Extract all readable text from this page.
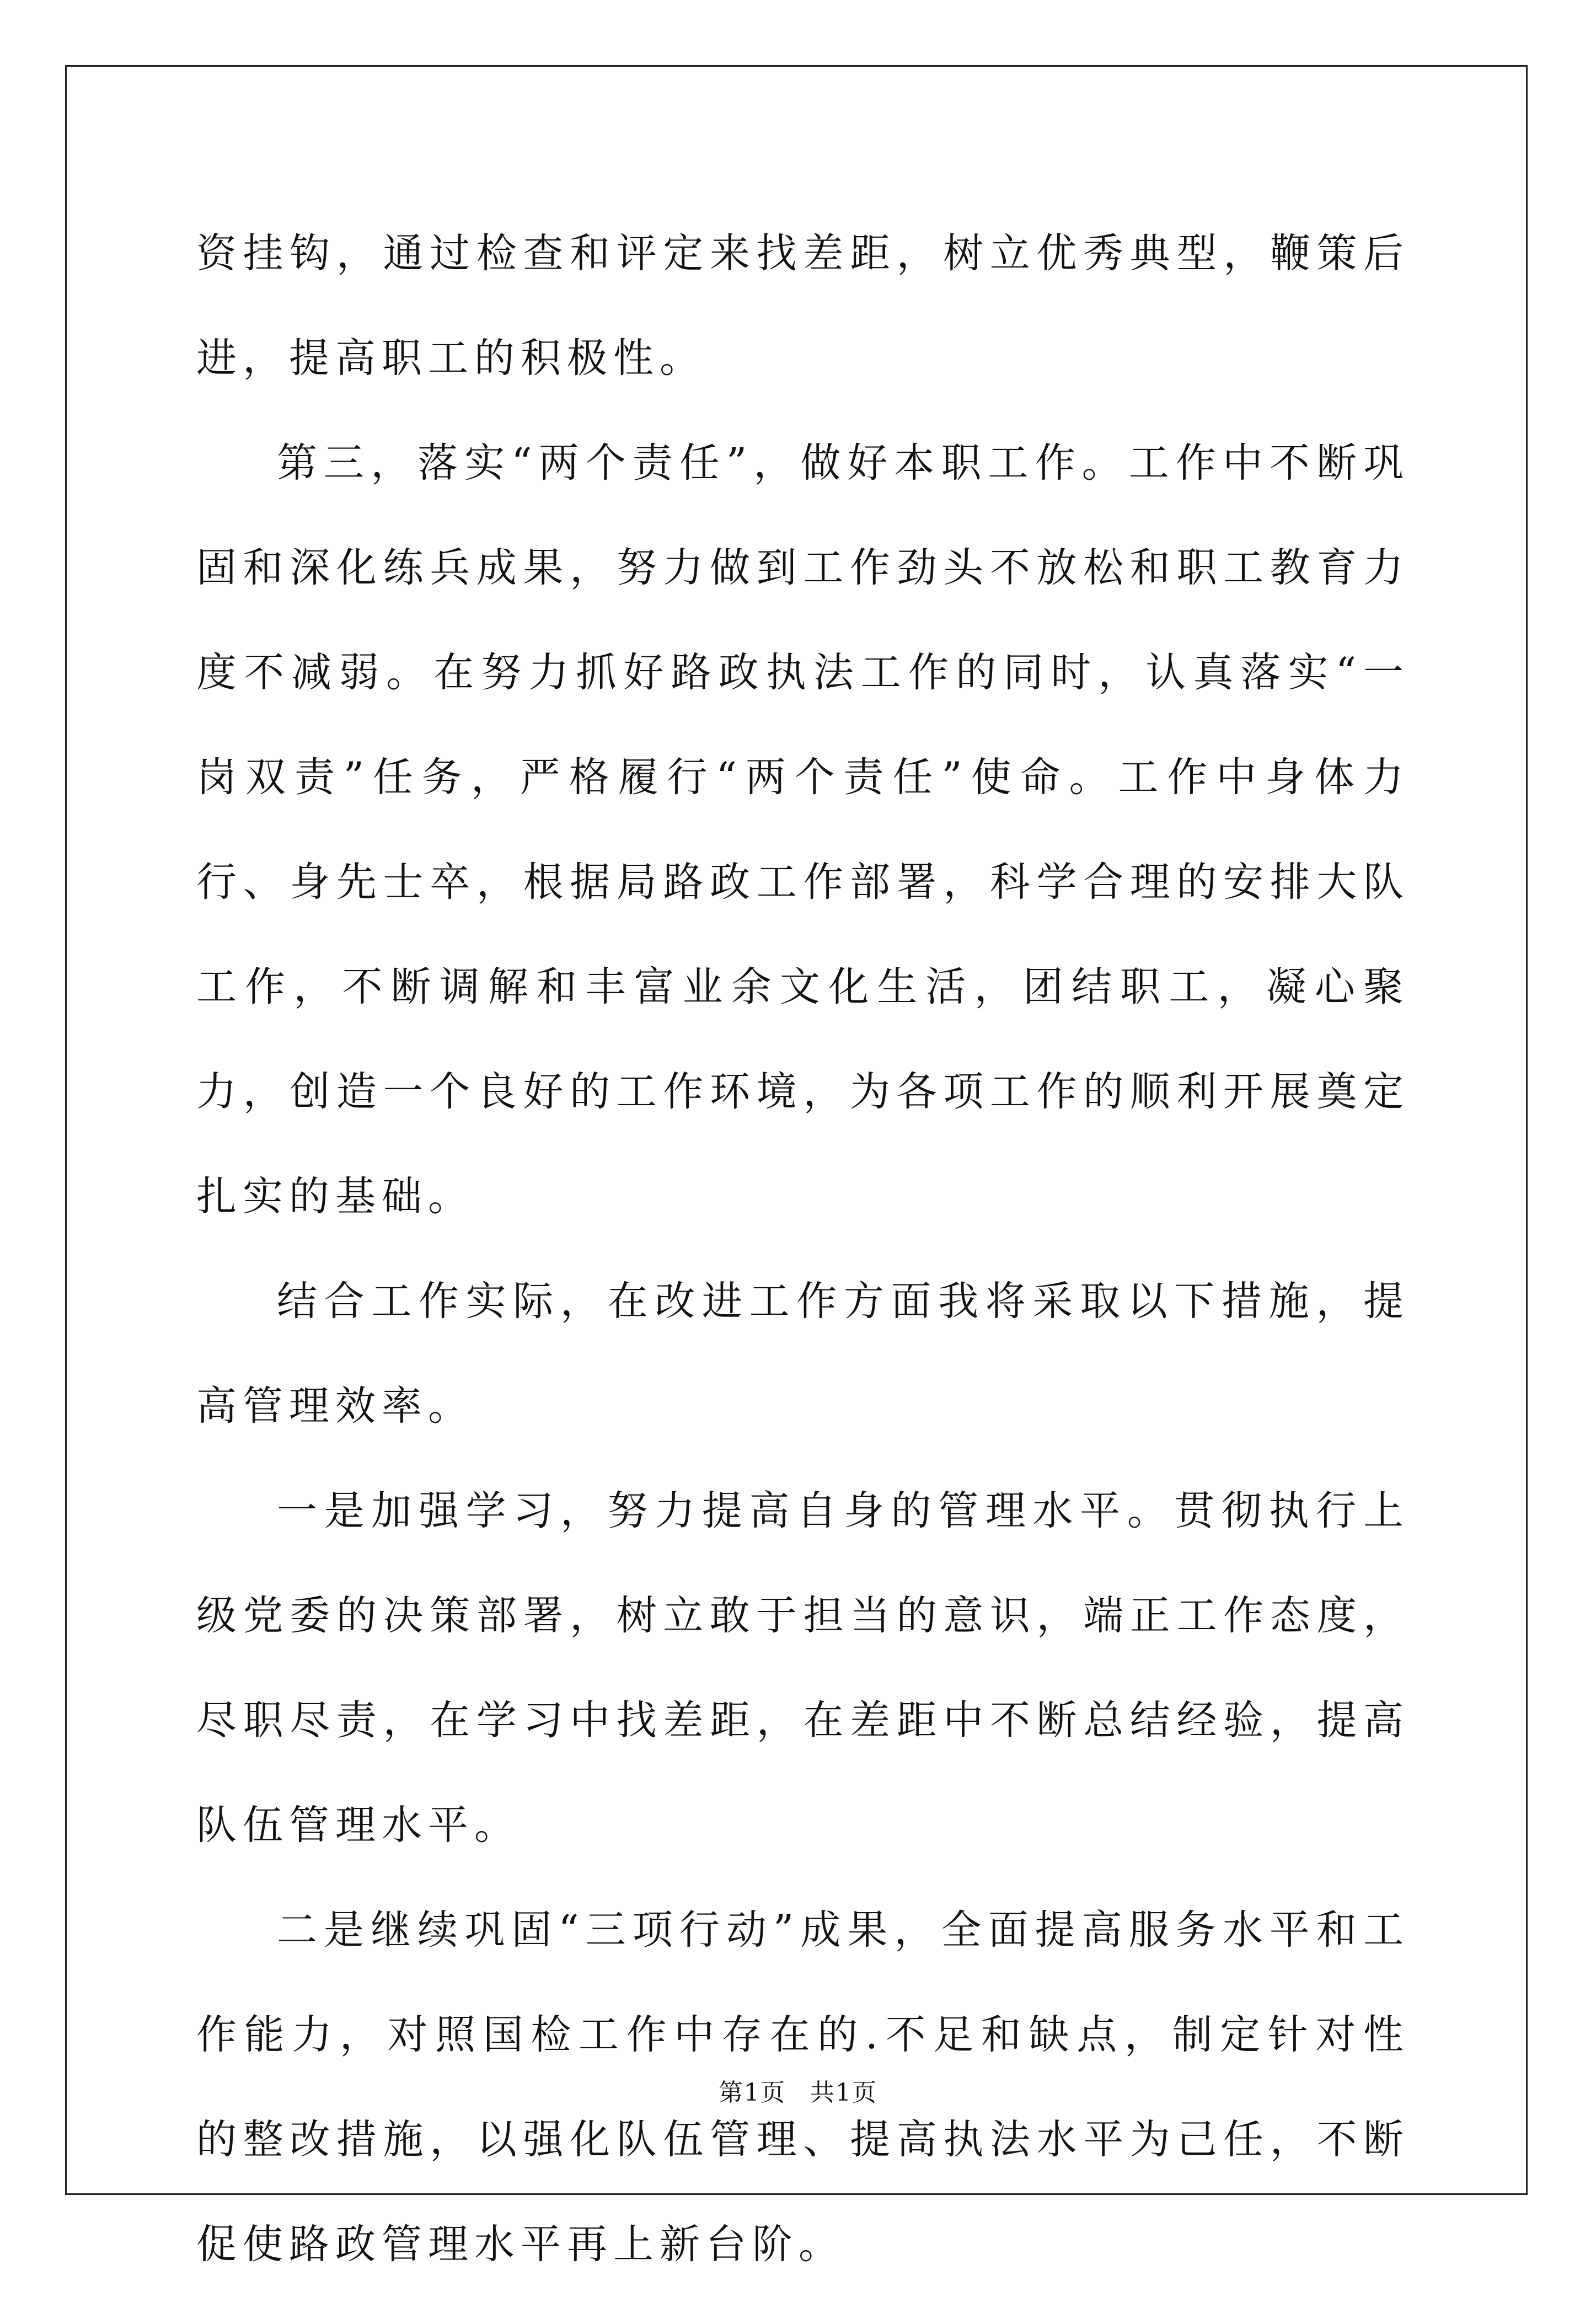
资挂钩，通过检查和评定来找差距，树立优秀典型，鞭策后进，提高职工的积极性。

第三，落实“两个责任”，做好本职工作。工作中不断巩固和深化练兵成果，努力做到工作劲头不放松和职工教育力度不减弱。在努力抓好路政执法工作的同时，认真落实“一岗双责”任务，严格履行“两个责任”使命。工作中身体力行、身先士卒，根据局路政工作部署，科学合理的安排大队工作，不断调解和丰富业余文化生活，团结职工，凝心聚力，创造一个良好的工作环境，为各项工作的顺利开展奠定扎实的基础。

结合工作实际，在改进工作方面我将采取以下措施，提高管理效率。

一是加强学习，努力提高自身的管理水平。贯彻执行上级党委的决策部署，树立敢于担当的意识，端正工作态度，尽职尽责，在学习中找差距，在差距中不断总结经验，提高队伍管理水平。

二是继续巩固“三项行动”成果，全面提高服务水平和工作能力，对照国检工作中存在的.不足和缺点，制定针对性的整改措施，以强化队伍管理、提高执法水平为己任，不断促使路政管理水平再上新台阶。

第1页 共1页
